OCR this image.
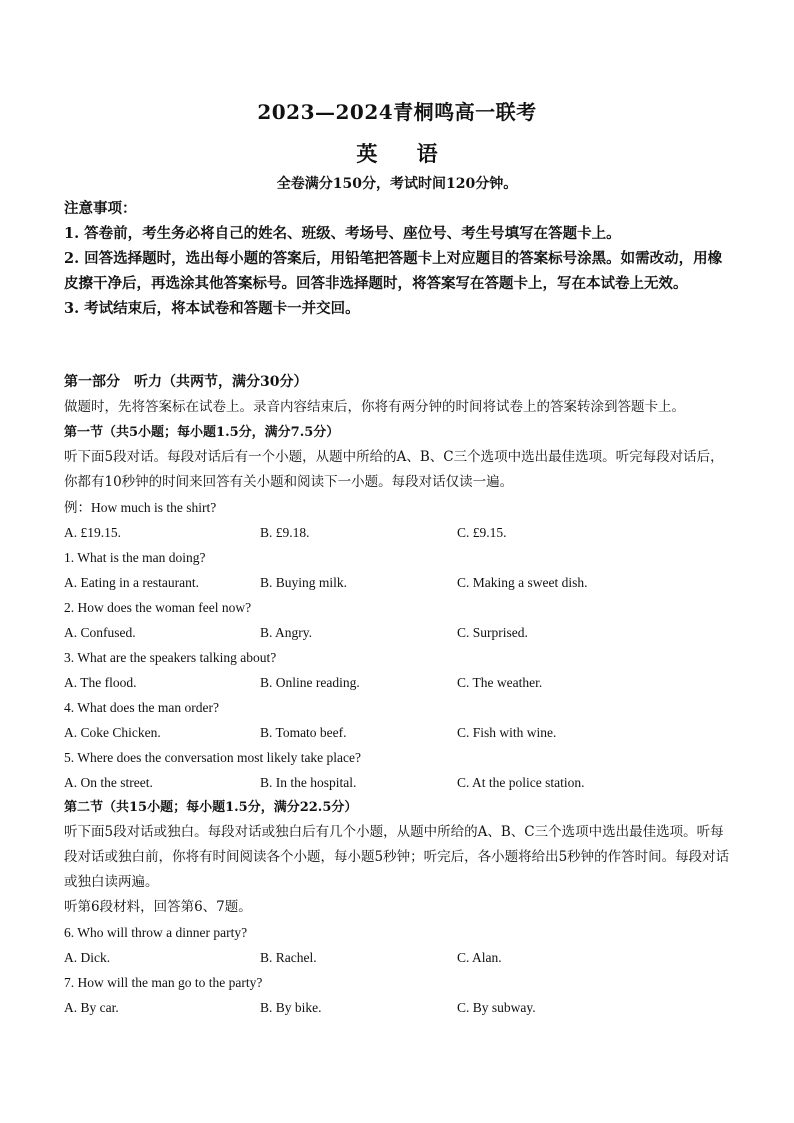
2023—2024青桐鸣高一联考
英 语
全卷满分150分，考试时间120分钟。

注意事项：

1. 答卷前，考生务必将自己的姓名、班级、考场号、座位号、考生号填写在答题卡上。

2. 回答选择题时，选出每小题的答案后，用铅笔把答题卡上对应题目的答案标号涂黑。如需改动，用橡皮擦干净后，再选涂其他答案标号。回答非选择题时，将答案写在答题卡上，写在本试卷上无效。

3. 考试结束后，将本试卷和答题卡一并交回。

第一部分　听力（共两节，满分30分）

做题时，先将答案标在试卷上。录音内容结束后，你将有两分钟的时间将试卷上的答案转涂到答题卡上。

第一节（共5小题；每小题1.5分，满分7.5分）

听下面5段对话。每段对话后有一个小题，从题中所给的A、B、C三个选项中选出最佳选项。听完每段对话后，你都有10秒钟的时间来回答有关小题和阅读下一小题。每段对话仅读一遍。

例：How much is the shirt?

A. £19.15.	B. £9.18.	C. £9.15.

1. What is the man doing?

A. Eating in a restaurant.	B. Buying milk.	C. Making a sweet dish.

2. How does the woman feel now?

A. Confused.	B. Angry.	C. Surprised.

3. What are the speakers talking about?

A. The flood.	B. Online reading.	C. The weather.

4. What does the man order?

A. Coke Chicken.	B. Tomato beef.	C. Fish with wine.

5. Where does the conversation most likely take place?

A. On the street.	B. In the hospital.	C. At the police station.

第二节（共15小题；每小题1.5分，满分22.5分）

听下面5段对话或独白。每段对话或独白后有几个小题，从题中所给的A、B、C三个选项中选出最佳选项。听每段对话或独白前，你将有时间阅读各个小题，每小题5秒钟；听完后，各小题将给出5秒钟的作答时间。每段对话或独白读两遍。

听第6段材料，回答第6、7题。

6. Who will throw a dinner party?

A. Dick.	B. Rachel.	C. Alan.

7. How will the man go to the party?

A. By car.	B. By bike.	C. By subway.
